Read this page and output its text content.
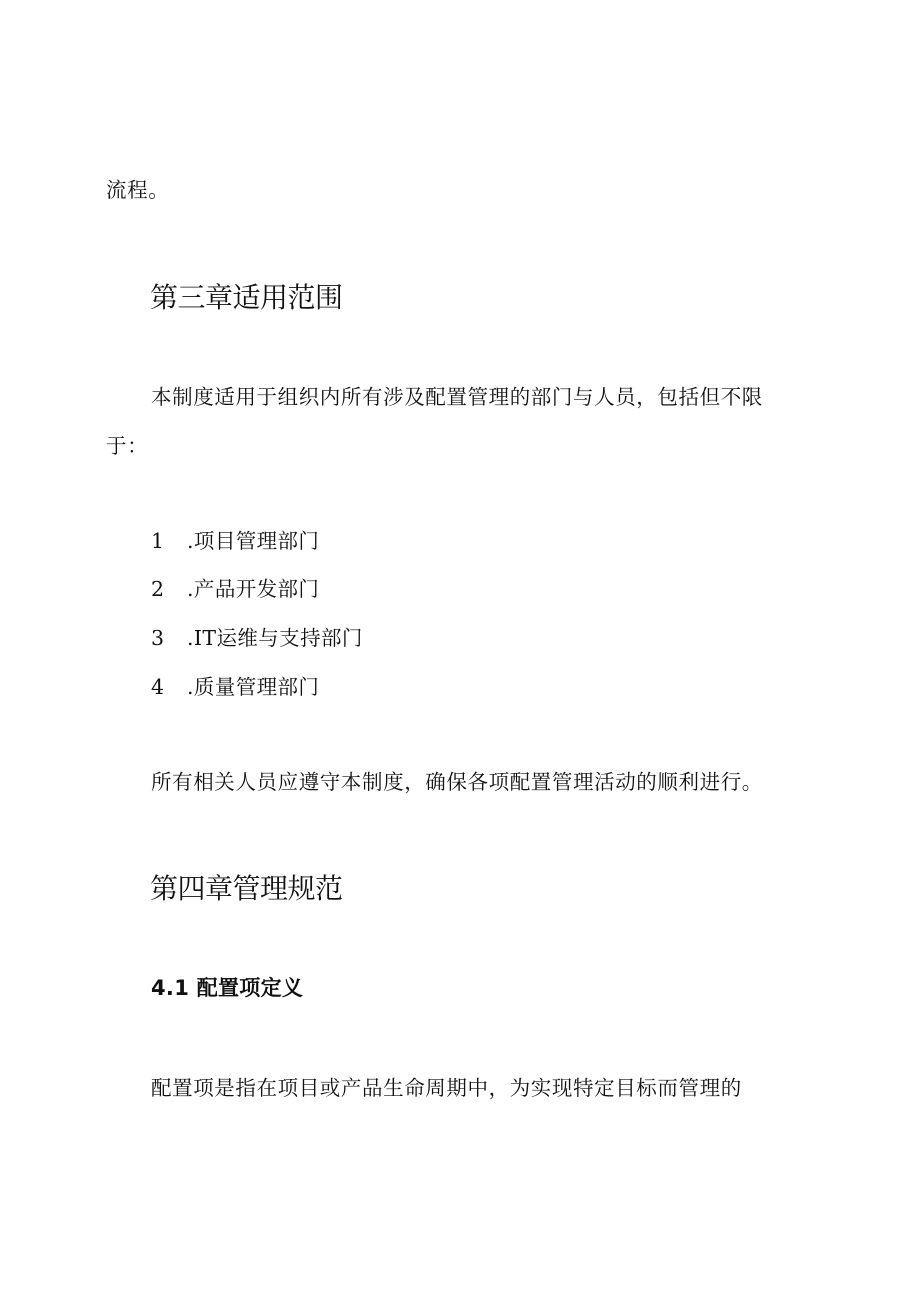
流程。

第三章适用范围

本制度适用于组织内所有涉及配置管理的部门与人员，包括但不限

于：

1 .项目管理部门
2 .产品开发部门
3 .IT运维与支持部门
4 .质量管理部门

所有相关人员应遵守本制度，确保各项配置管理活动的顺利进行。

第四章管理规范
4.1 配置项定义

配置项是指在项目或产品生命周期中，为实现特定目标而管理的
